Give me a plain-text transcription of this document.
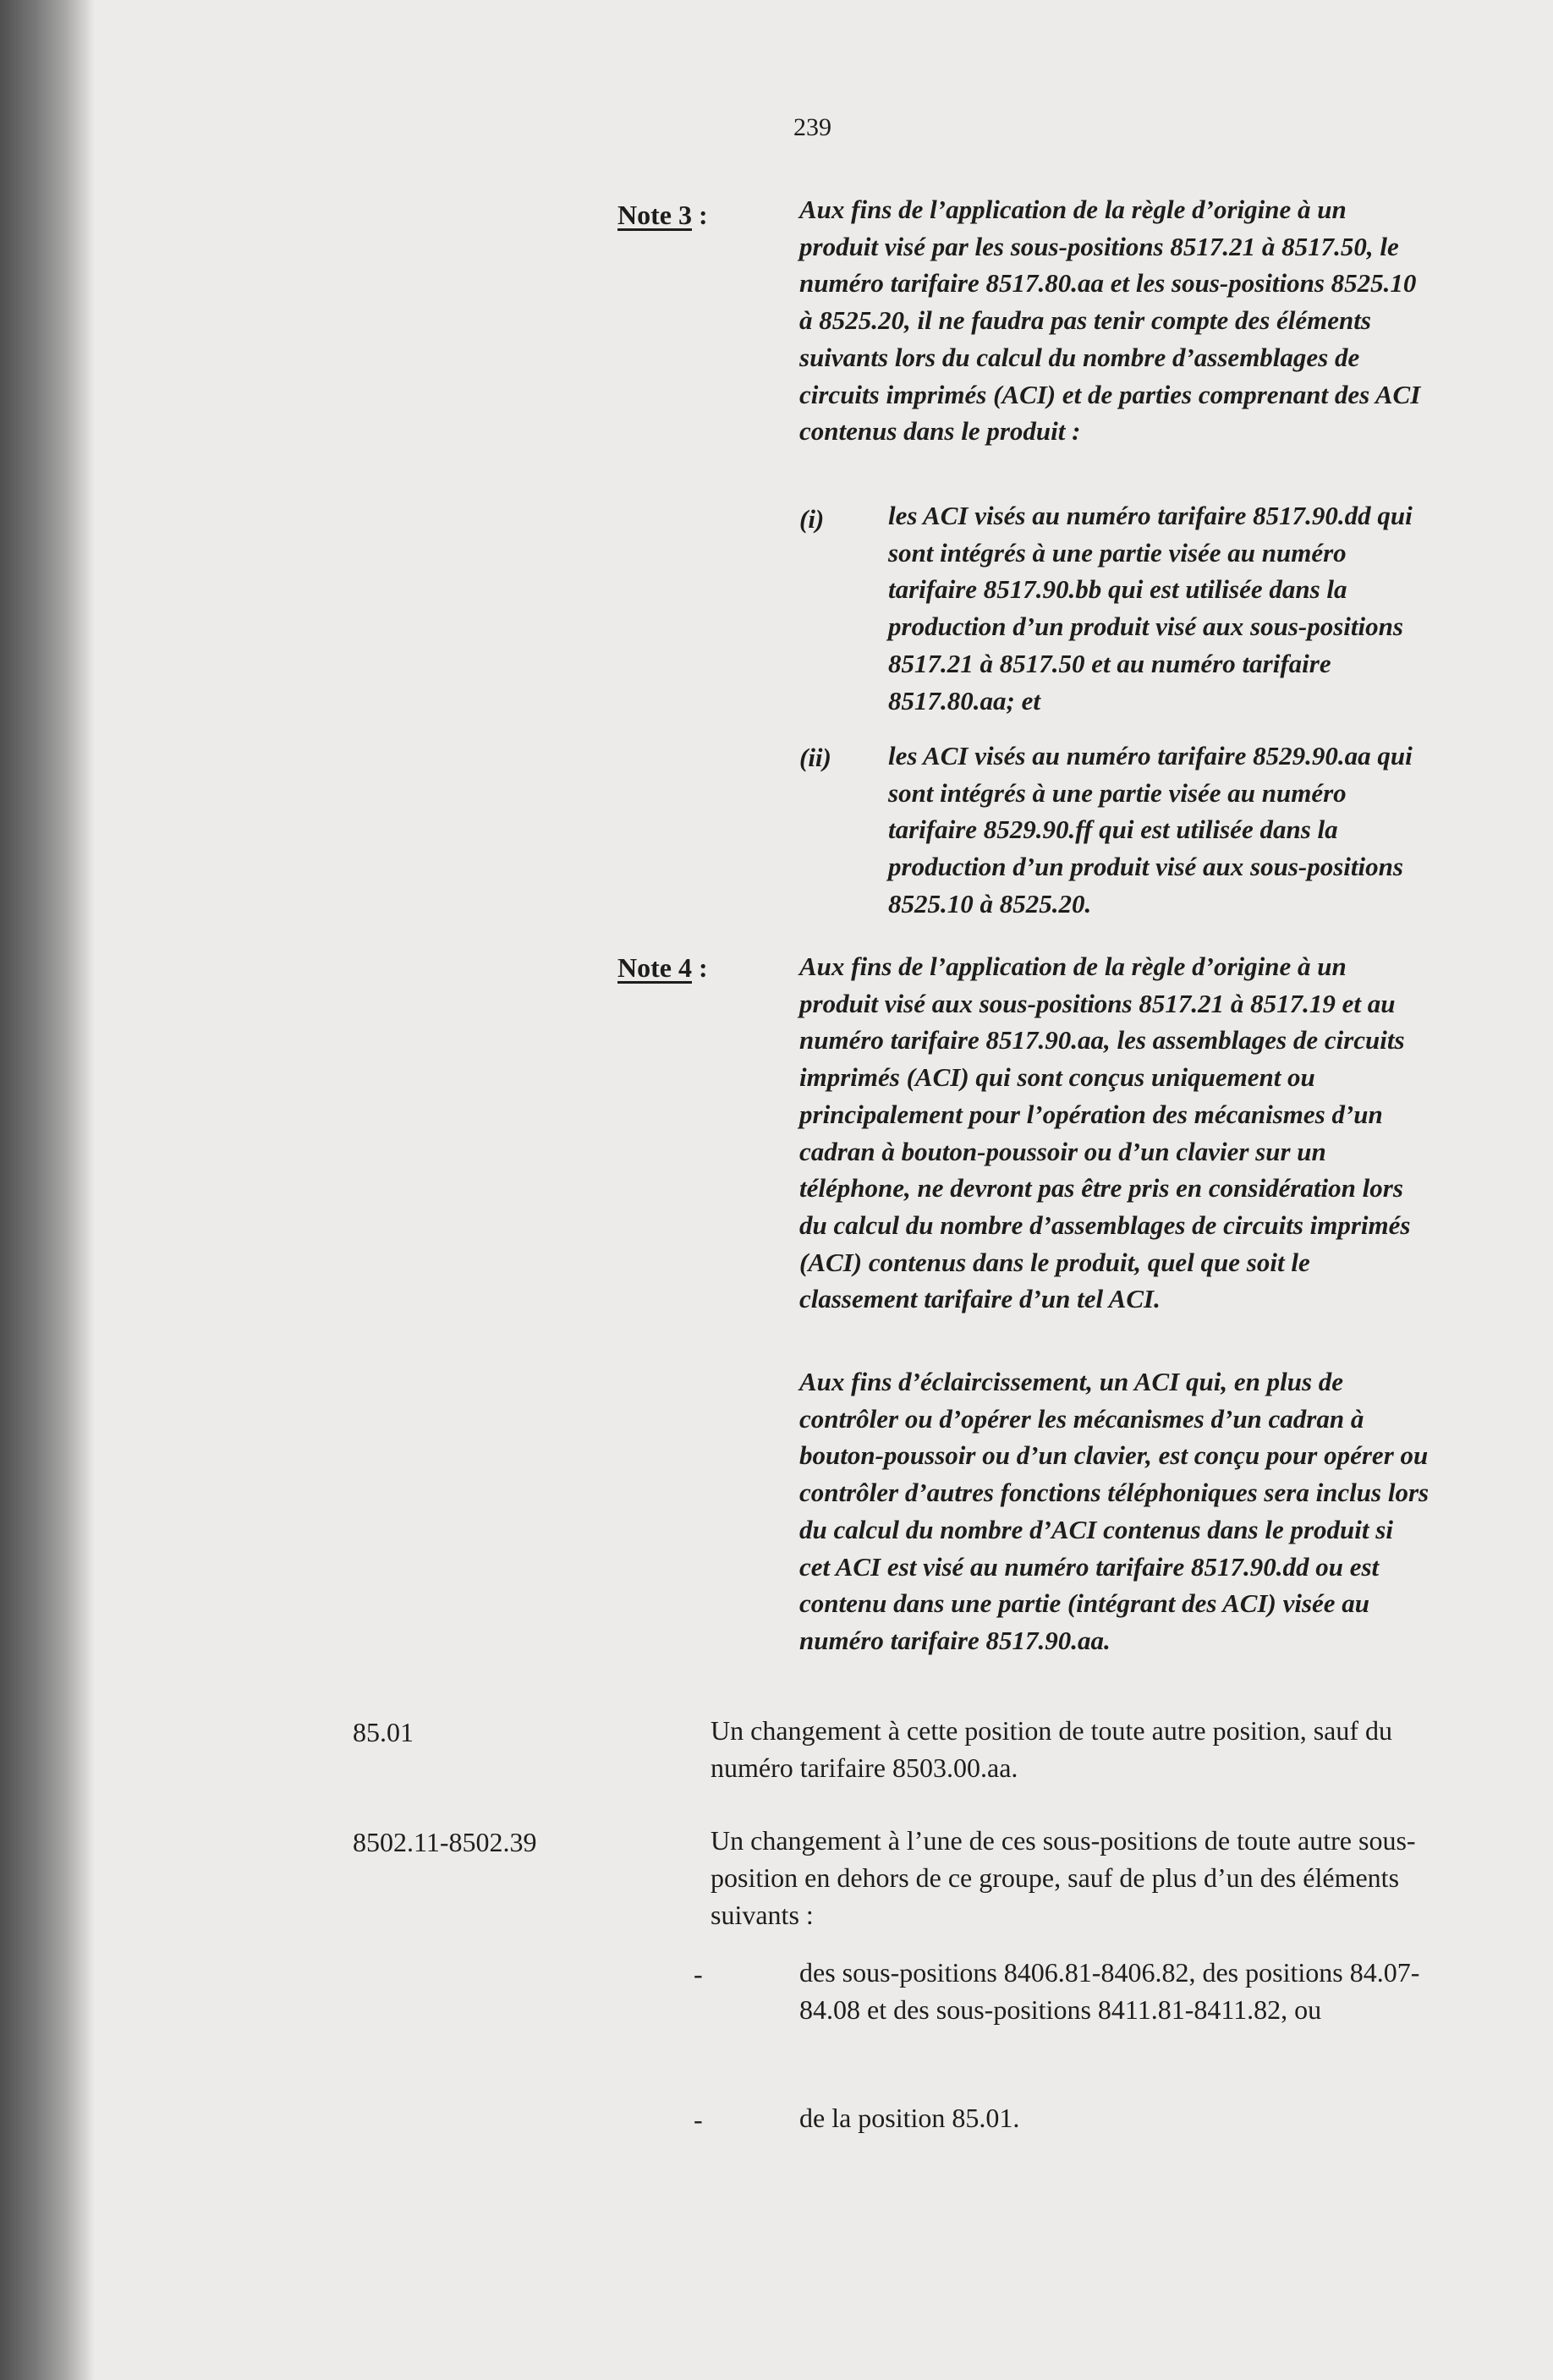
239
Note 3 :	Aux fins de l’application de la règle d’origine à un produit visé par les sous-positions 8517.21 à 8517.50, le numéro tarifaire 8517.80.aa et les sous-positions 8525.10 à 8525.20, il ne faudra pas tenir compte des éléments suivants lors du calcul du nombre d’assemblages de circuits imprimés (ACI) et de parties comprenant des ACI contenus dans le produit :

(i) les ACI visés au numéro tarifaire 8517.90.dd qui sont intégrés à une partie visée au numéro tarifaire 8517.90.bb qui est utilisée dans la production d’un produit visé aux sous-positions 8517.21 à 8517.50 et au numéro tarifaire 8517.80.aa; et

(ii) les ACI visés au numéro tarifaire 8529.90.aa qui sont intégrés à une partie visée au numéro tarifaire 8529.90.ff qui est utilisée dans la production d’un produit visé aux sous-positions 8525.10 à 8525.20.

Note 4 :	Aux fins de l’application de la règle d’origine à un produit visé aux sous-positions 8517.21 à 8517.19 et au numéro tarifaire 8517.90.aa, les assemblages de circuits imprimés (ACI) qui sont conçus uniquement ou principalement pour l’opération des mécanismes d’un cadran à bouton-poussoir ou d’un clavier sur un téléphone, ne devront pas être pris en considération lors du calcul du nombre d’assemblages de circuits imprimés (ACI) contenus dans le produit, quel que soit le classement tarifaire d’un tel ACI.

Aux fins d’éclaircissement, un ACI qui, en plus de contrôler ou d’opérer les mécanismes d’un cadran à bouton-poussoir ou d’un clavier, est conçu pour opérer ou contrôler d’autres fonctions téléphoniques sera inclus lors du calcul du nombre d’ACI contenus dans le produit si cet ACI est visé au numéro tarifaire 8517.90.dd ou est contenu dans une partie (intégrant des ACI) visée au numéro tarifaire 8517.90.aa.

85.01	Un changement à cette position de toute autre position, sauf du numéro tarifaire 8503.00.aa.

8502.11-8502.39	Un changement à l’une de ces sous-positions de toute autre sous-position en dehors de ce groupe, sauf de plus d’un des éléments suivants :

-	des sous-positions 8406.81-8406.82, des positions 84.07-84.08 et des sous-positions 8411.81-8411.82, ou

-	de la position 85.01.
